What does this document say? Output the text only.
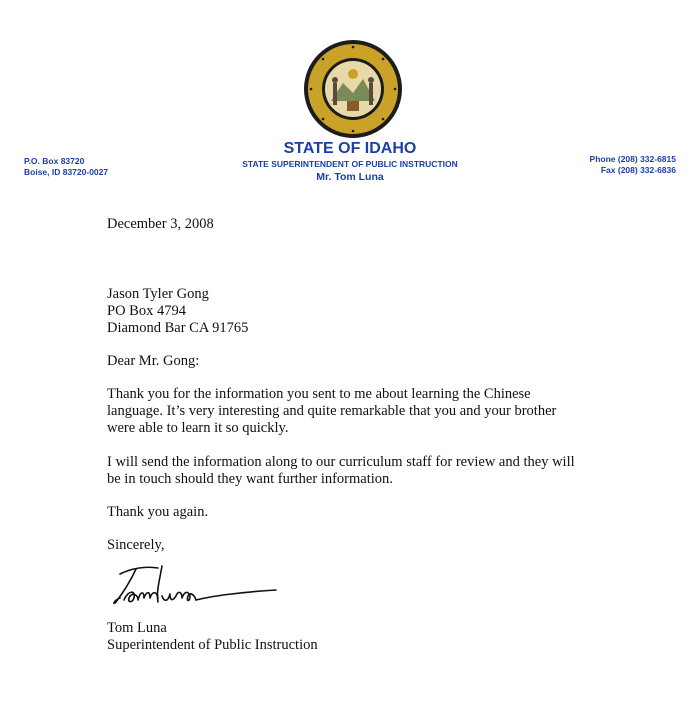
STATE OF IDAHO
STATE SUPERINTENDENT OF PUBLIC INSTRUCTION
Mr. Tom Luna
P.O. Box 83720
Boise, ID 83720-0027
Phone (208) 332-6815
Fax (208) 332-6836

December 3, 2008

Jason Tyler Gong

PO Box 4794

Diamond Bar CA 91765

Dear Mr. Gong:

Thank you for the information you sent to me about learning the Chinese

language. It’s very interesting and quite remarkable that you and your brother

were able to learn it so quickly.

I will send the information along to our curriculum staff for review and they will

be in touch should they want further information.

Thank you again.

Sincerely,

Tom Luna

Superintendent of Public Instruction
